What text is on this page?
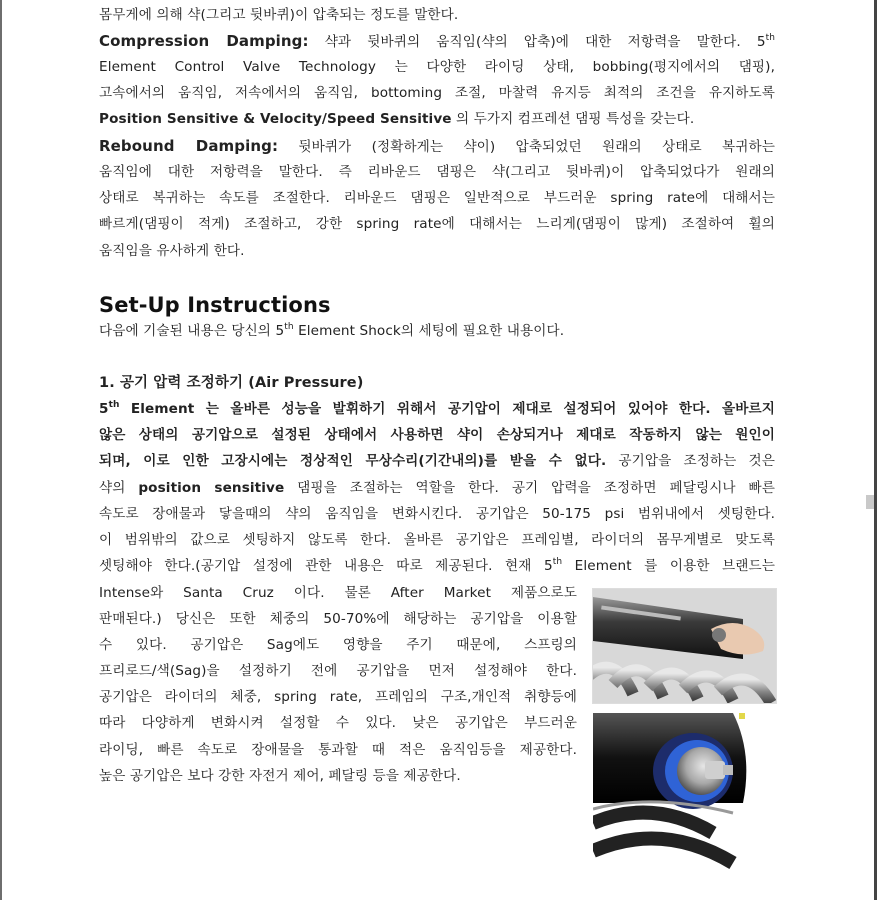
몸무게에 의해 샥(그리고 뒷바퀴)이 압축되는 정도를 말한다.
Compression Damping: 샥과 뒷바퀴의 움직임(샥의 압축)에 대한 저항력을 말한다. 5th
Element Control Valve Technology 는 다양한 라이딩 상태, bobbing(평지에서의 댐핑),
고속에서의 움직임, 저속에서의 움직임, bottoming 조절, 마찰력 유지등 최적의 조건을 유지하도록
Position Sensitive & Velocity/Speed Sensitive 의 두가지 컴프레션 댐핑 특성을 갖는다.
Rebound Damping: 뒷바퀴가 (정확하게는 샥이) 압축되었던 원래의 상태로 복귀하는
움직임에 대한 저항력을 말한다. 즉 리바운드 댐핑은 샥(그리고 뒷바퀴)이 압축되었다가 원래의
상태로 복귀하는 속도를 조절한다. 리바운드 댐핑은 일반적으로 부드러운 spring rate에 대해서는
빠르게(댐핑이 적게) 조절하고, 강한 spring rate에 대해서는 느리게(댐핑이 많게) 조절하여 휠의
움직임을 유사하게 한다.
Set-Up Instructions
다음에 기술된 내용은 당신의 5th Element Shock의 세팅에 필요한 내용이다.
1. 공기 압력 조정하기 (Air Pressure)
5th Element 는 올바른 성능을 발휘하기 위해서 공기압이 제대로 설정되어 있어야 한다. 올바르지
않은 상태의 공기압으로 설정된 상태에서 사용하면 샥이 손상되거나 제대로 작동하지 않는 원인이
되며, 이로 인한 고장시에는 정상적인 무상수리(기간내의)를 받을 수 없다. 공기압을 조정하는 것은
샥의 position sensitive 댐핑을 조절하는 역할을 한다. 공기 압력을 조정하면 페달링시나 빠른
속도로 장애물과 닿을때의 샥의 움직임을 변화시킨다. 공기압은 50-175 psi 범위내에서 셋팅한다.
이 범위밖의 값으로 셋팅하지 않도록 한다. 올바른 공기압은 프레임별, 라이더의 몸무게별로 맞도록
셋팅해야 한다.(공기압 설정에 관한 내용은 따로 제공된다. 현재 5th Element 를 이용한 브랜드는
Intense와 Santa Cruz 이다. 물론 After Market 제품으로도
판매된다.) 당신은 또한 체중의 50-70%에 해당하는 공기압을 이용할
수 있다. 공기압은 Sag에도 영향을 주기 때문에, 스프링의
프리로드/색(Sag)을 설정하기 전에 공기압을 먼저 설정해야 한다.
공기압은 라이더의 체중, spring rate, 프레임의 구조,개인적 취향등에
따라 다양하게 변화시켜 설정할 수 있다. 낮은 공기압은 부드러운
라이딩, 빠른 속도로 장애물을 통과할 때 적은 움직임등을 제공한다.
높은 공기압은 보다 강한 자전거 제어, 페달링 등을 제공한다.
